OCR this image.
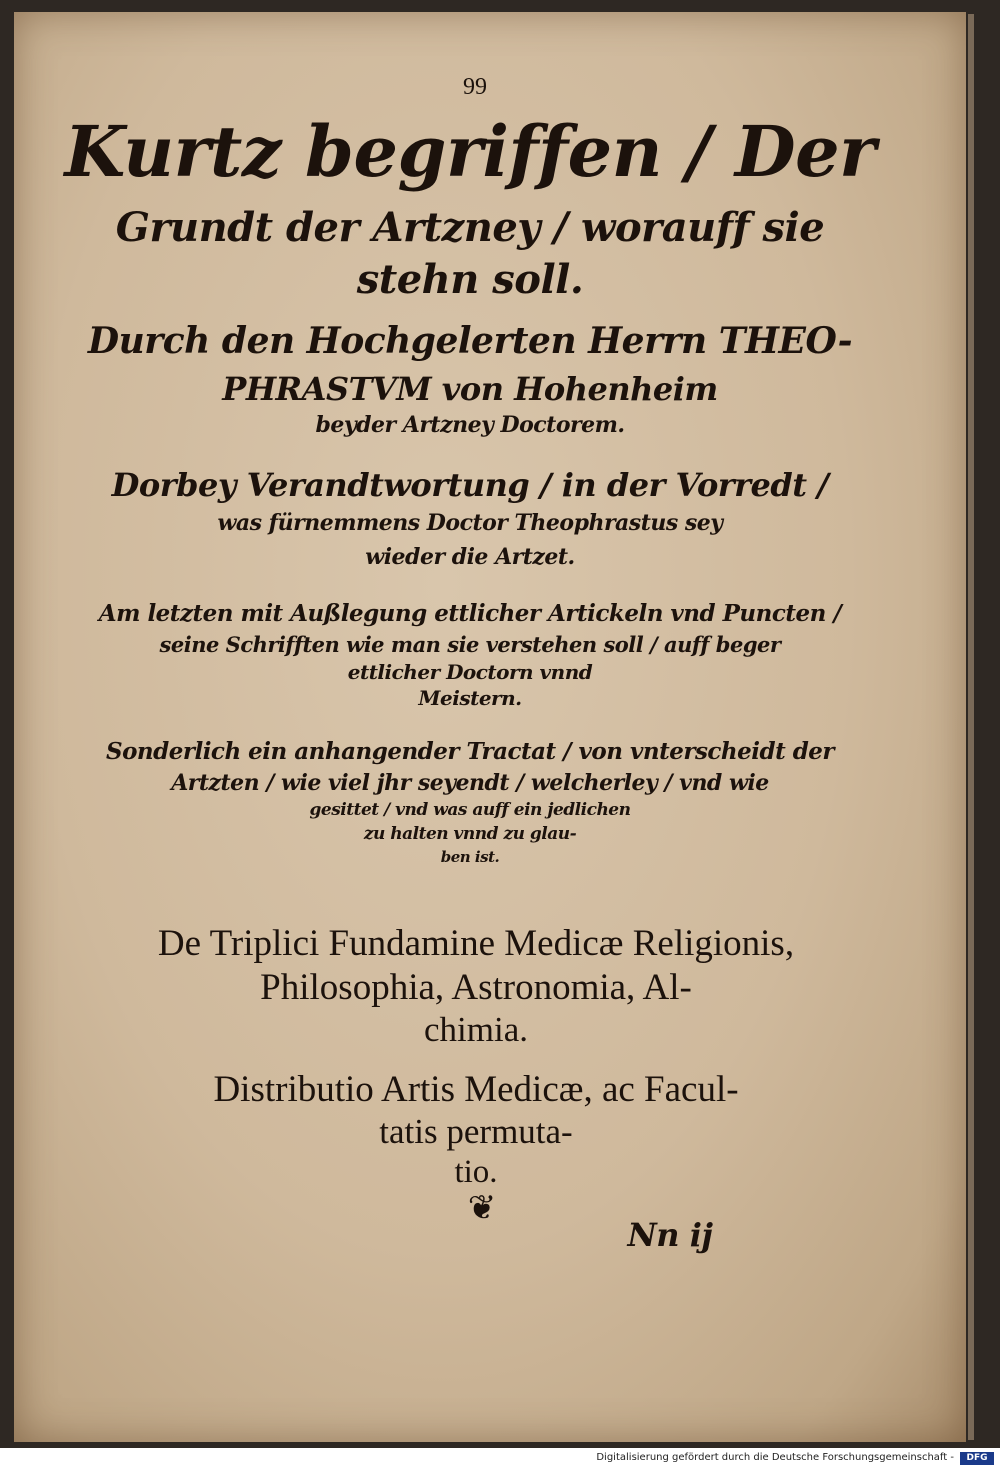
99
Kurtz begriffen / Der
Grundt der Artzney / worauff sie
stehn soll.
Durch den Hochgelerten Herrn THEO-
PHRASTVM von Hohenheim
beyder Artzney Doctorem.
Dorbey Verandtwortung / in der Vorredt /
was fürnemmens Doctor Theophrastus sey
wieder die Artzet.
Am letzten mit Außlegung ettlicher Artickeln vnd Puncten /
seine Schrifften wie man sie verstehen soll / auff beger
ettlicher Doctorn vnnd
Meistern.
Sonderlich ein anhangender Tractat / von vnterscheidt der
Artzten / wie viel jhr seyendt / welcherley / vnd wie
gesittet / vnd was auff ein jedlichen
zu halten vnnd zu glau-
ben ist.
De Triplici Fundamine Medicæ Religionis,
Philosophia, Astronomia, Al-
chimia.
Distributio Artis Medicæ, ac Facul-
tatis permuta-
tio.
❦
Nn ij
Digitalisierung gefördert durch die Deutsche Forschungsgemeinschaft -	DFG
